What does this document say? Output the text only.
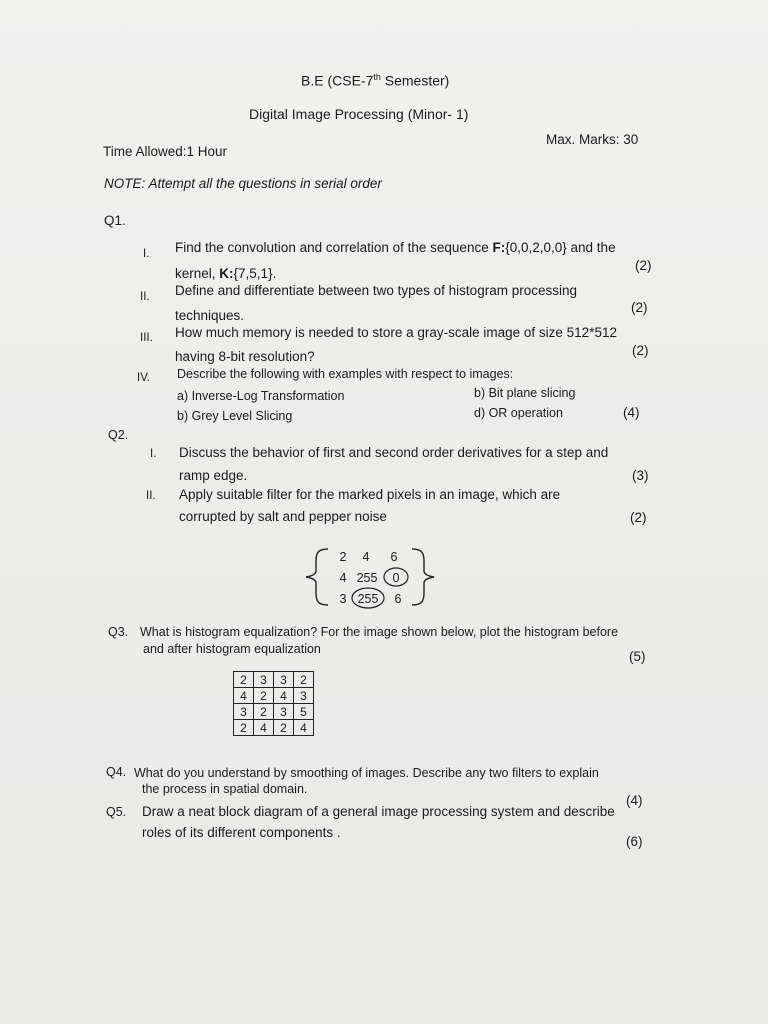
B.E (CSE-7th Semester)
Digital Image Processing (Minor- 1)
Time Allowed:1 Hour
Max. Marks: 30
NOTE: Attempt all the questions in serial order
Q1.
I. Find the convolution and correlation of the sequence F:{0,0,2,0,0} and the
kernel, K:{7,5,1}.
(2)
II. Define and differentiate between two types of histogram processing
techniques.
(2)
III. How much memory is needed to store a gray-scale image of size 512*512
having 8-bit resolution?	(2)
IV. Describe the following with examples with respect to images:
a) Inverse-Log Transformation
b) Grey Level Slicing
b) Bit plane slicing
d) OR operation	(4)
Q2.
I. Discuss the behavior of first and second order derivatives for a step and
ramp edge.	(3)
II. Apply suitable filter for the marked pixels in an image, which are
corrupted by salt and pepper noise	(2)
2 4 6
4 255 0
3 255 6
Q3. What is histogram equalization? For the image shown below, plot the histogram before
and after histogram equalization	(5)
2	3	3	2
4	2	4	3
3	2	3	5
2	4	2	4
Q4. What do you understand by smoothing of images. Describe any two filters to explain
the process in spatial domain.
(4)
Q5. Draw a neat block diagram of a general image processing system and describe
roles of its different components .
(6)
